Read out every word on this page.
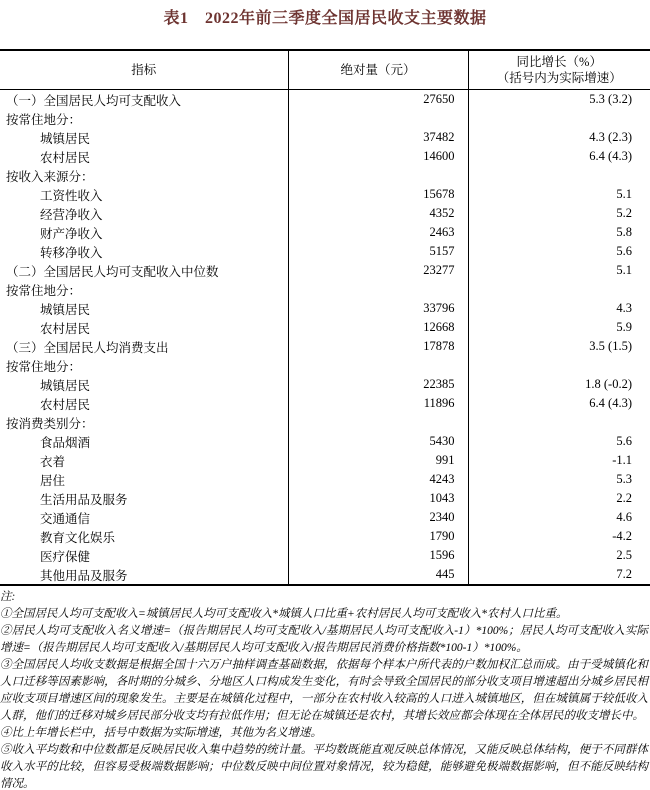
表1　2022年前三季度全国居民收支主要数据
指标	绝对量（元）	同比增长（%）
（括号内为实际增速）

（一）全国居民人均可支配收入	27650	5.3 (3.2)
按常住地分：		
城镇居民	37482	4.3 (2.3)
农村居民	14600	6.4 (4.3)
按收入来源分：		
工资性收入	15678	5.1
经营净收入	4352	5.2
财产净收入	2463	5.8
转移净收入	5157	5.6
（二）全国居民人均可支配收入中位数	23277	5.1
按常住地分：		
城镇居民	33796	4.3
农村居民	12668	5.9
（三）全国居民人均消费支出	17878	3.5 (1.5)
按常住地分：		
城镇居民	22385	1.8 (-0.2)
农村居民	11896	6.4 (4.3)
按消费类别分：		
食品烟酒	5430	5.6
衣着	991	-1.1
居住	4243	5.3
生活用品及服务	1043	2.2
交通通信	2340	4.6
教育文化娱乐	1790	-4.2
医疗保健	1596	2.5
其他用品及服务	445	7.2
注:
①全国居民人均可支配收入=城镇居民人均可支配收入*城镇人口比重+农村居民人均可支配收入*农村人口比重。
②居民人均可支配收入名义增速=（报告期居民人均可支配收入/基期居民人均可支配收入-1）*100%；居民人均可支配收入实际增速=（报告期居民人均可支配收入/基期居民人均可支配收入/报告期居民消费价格指数*100-1）*100%。
③全国居民人均收支数据是根据全国十六万户抽样调查基础数据，依据每个样本户所代表的户数加权汇总而成。由于受城镇化和人口迁移等因素影响，各时期的分城乡、分地区人口构成发生变化，有时会导致全国居民的部分收支项目增速超出分城乡居民相应收支项目增速区间的现象发生。主要是在城镇化过程中，一部分在农村收入较高的人口进入城镇地区，但在城镇属于较低收入人群，他们的迁移对城乡居民部分收支均有拉低作用；但无论在城镇还是农村，其增长效应都会体现在全体居民的收支增长中。
④比上年增长栏中，括号中数据为实际增速，其他为名义增速。
⑤收入平均数和中位数都是反映居民收入集中趋势的统计量。平均数既能直观反映总体情况，又能反映总体结构，便于不同群体收入水平的比较，但容易受极端数据影响；中位数反映中间位置对象情况，较为稳健，能够避免极端数据影响，但不能反映结构情况。
